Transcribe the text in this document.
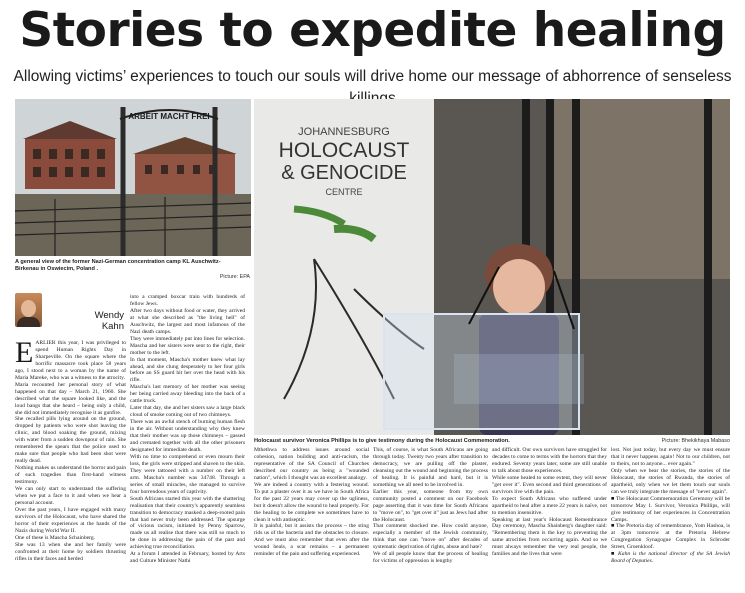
Stories to expedite healing
Allowing victims’ experiences to touch our souls will drive home our message of abhorrence of senseless
ARBEIT MACHT FREI
A general view of the former Nazi-German concentration camp KL Auschwitz-Birkenau in Oswiecim, Poland .
Picture: EPA
Wendy
Kahn
JOHANNESBURG
HOLOCAUST
& GENOCIDE
CENTRE
Holocaust survivor Veronica Phillips is to give testimony during the Holocaust Commemoration.	Picture: Bhekikhaya Mabaso
E ARLIER this year, I was privileged to spend Human Rights Day in Sharpeville. On the square where the horrific massacre took place 58 years ago, I stood next to a woman by the name of Maria Mareke, who was a witness to the atrocity.
Maria recounted her personal story of what happened on that day – March 21, 1960. She described what the square looked like, and the loud bangs that she heard – being only a child, she did not immediately recognise it as gunfire.
She recalled pills lying around on the ground, dropped by patients who were shot leaving the clinic, and blood soaking the ground, mixing with water from a sudden downpour of rain. She remembered the spears that the police used to make sure that people who had been shot were really dead.
Nothing makes us understand the horror and pain of such tragedies than first-hand witness testimony.
We can only start to understand the suffering when we put a face to it and when we hear a personal account.
Over the past years, I have engaged with many survivors of the Holocaust, who have shared the horror of their experiences at the hands of the Nazis during World War II.
One of these is Mascha Schainberg.
She was 13 when she and her family were confronted at their home by soldiers thrusting rifles in their faces and herded
into a cramped boxcar train with hundreds of fellow Jews.
After two days without food or water, they arrived at what she described as "the living hell" of Auschwitz, the largest and most infamous of the Nazi death camps.
They were immediately put into lines for selection. Mascha and her sisters were sent to the right, their mother to the left.
In that moment, Mascha's mother knew what lay ahead, and she clung desperately to her four girls before an SS guard hit her over the head with his rifle.
Mascha's last memory of her mother was seeing her being carried away bleeding into the back of a cattle truck.
Later that day, she and her sisters saw a large black cloud of smoke coming out of two chimneys.
There was an awful stench of burning human flesh in the air. Without understanding why they knew that their mother was up those chimneys – gassed and cremated together with all the other prisoners designated for immediate death.
With no time to comprehend or even mourn their loss, the girls were stripped and shaven to the skin. They were tattooed with a number on their left arm. Mascha's number was 34748. Through a series of small miracles, she managed to survive four horrendous years of captivity.
South Africans started this year with the shattering realisation that their country's apparently seamless transition to democracy masked a deep-rooted pain that had never truly been addressed. The upsurge of vicious racism, initiated by Penny Sparrow, made us all realise that there was still so much to be done in addressing the pain of the past and achieving true reconciliation.
At a forum I attended in February, hosted by Arts and Culture Minister Nathi
Mthethwa to address issues around social cohesion, nation building and anti-racism, the representative of the SA Council of Churches described our country as being a "wounded nation", which I thought was an excellent analogy.
We are indeed a country with a festering wound. To put a plaster over it as we have in South Africa for the past 22 years may cover up the ugliness, but it doesn't allow the wound to heal properly. For the healing to be complete we sometimes have to clean it with antiseptic.
It is painful, but it assists the process – the sting rids us of the bacteria and the obstacles to closure. And we must also remember that even after the wound heals, a scar remains – a permanent reminder of the pain and suffering experienced.
This, of course, is what South Africans are going through today. Twenty two years after transition to democracy, we are pulling off the plaster, cleansing out the wound and beginning the process of healing. It is painful and hard, but it is something we all need to be involved in.
Earlier this year, someone from my own community posted a comment on our Facebook page asserting that it was time for South Africans to "move on", to "get over it" just as Jews had after the Holocaust.
That comment shocked me. How could anyone, especially a member of the Jewish community, think that one can "move on" after decades of systematic deprivation of rights, abuse and hate?
We of all people know that the process of healing for victims of oppression is lengthy
and difficult. Our own survivors have struggled for decades to come to terms with the horrors that they endured. Seventy years later, some are still unable to talk about those experiences.
While some healed to some extent, they will never "get over it". Even second and third generations of survivors live with the pain.
To expect South Africans who suffered under apartheid to heal after a mere 22 years is naïve, not to mention insensitive.
Speaking at last year's Holocaust Remembrance Day ceremony, Mascha Shainberg's daughter said: "Remembering them is the key to preventing the same atrocities from occurring again. And so we must always remember the very real people, the families and the lives that were
lost. Not just today, but every day we must ensure that it never happens again! Not to our children, not to theirs, not to anyone... ever again."
Only when we hear the stories, the stories of the Holocaust, the stories of Rwanda, the stories of apartheid, only when we let them touch our souls can we truly integrate the message of "never again".
■ The Holocaust Commemoration Ceremony will be tomorrow May 1. Survivor, Veronica Phillips, will give testimony of her experiences in Concentration Camps.
■ The Pretoria day of remembrance, Yom Hashoa, is at 3pm tomorrow at the Pretoria Hebrew Congregation Synagogue Complex in Schroder Street, Groenkloof.

■ Kahn is the national director of the SA Jewish Board of Deputies.
